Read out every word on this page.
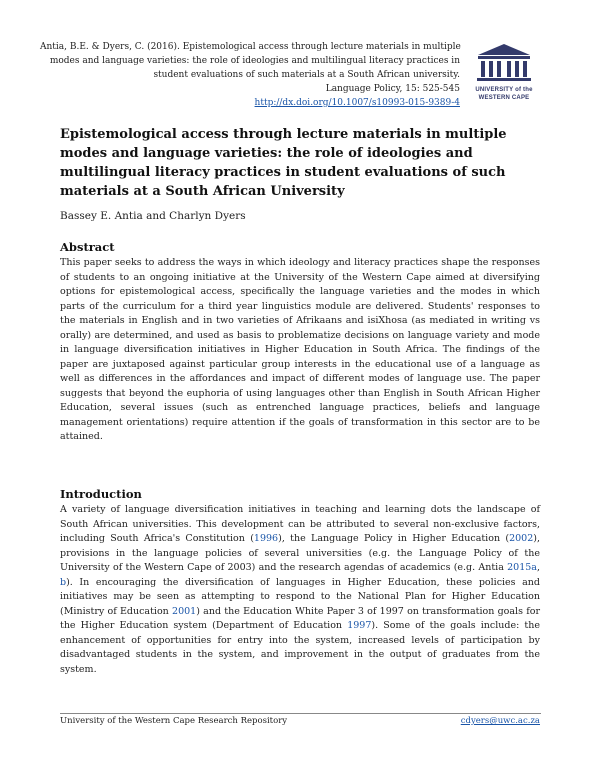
Antia, B.E. & Dyers, C. (2016). Epistemological access through lecture materials in multiple
modes and language varieties: the role of ideologies and multilingual literacy practices in
student evaluations of such materials at a South African university.
Language Policy, 15: 525-545
http://dx.doi.org/10.1007/s10993-015-9389-4
UNIVERSITY of the
WESTERN CAPE
Epistemological access through lecture materials in multiple modes and language varieties: the role of ideologies and multilingual literacy practices in student evaluations of such materials at a South African University

Bassey E. Antia and Charlyn Dyers

Abstract

This paper seeks to address the ways in which ideology and literacy practices shape the responses of students to an ongoing initiative at the University of the Western Cape aimed at diversifying options for epistemological access, specifically the language varieties and the modes in which parts of the curriculum for a third year linguistics module are delivered. Students' responses to the materials in English and in two varieties of Afrikaans and isiXhosa (as mediated in writing vs orally) are determined, and used as basis to problematize decisions on language variety and mode in language diversification initiatives in Higher Education in South Africa. The findings of the paper are juxtaposed against particular group interests in the educational use of a language as well as differences in the affordances and impact of different modes of language use. The paper suggests that beyond the euphoria of using languages other than English in South African Higher Education, several issues (such as entrenched language practices, beliefs and language management orientations) require attention if the goals of transformation in this sector are to be attained.

Introduction

A variety of language diversification initiatives in teaching and learning dots the landscape of South African universities. This development can be attributed to several non-exclusive factors, including South Africa's Constitution (1996), the Language Policy in Higher Education (2002), provisions in the language policies of several universities (e.g. the Language Policy of the University of the Western Cape of 2003) and the research agendas of academics (e.g. Antia 2015a, b). In encouraging the diversification of languages in Higher Education, these policies and initiatives may be seen as attempting to respond to the National Plan for Higher Education (Ministry of Education 2001) and the Education White Paper 3 of 1997 on transformation goals for the Higher Education system (Department of Education 1997). Some of the goals include: the enhancement of opportunities for entry into the system, increased levels of participation by disadvantaged students in the system, and improvement in the output of graduates from the system.

University of the Western Cape Research Repository	cdyers@uwc.ac.za
